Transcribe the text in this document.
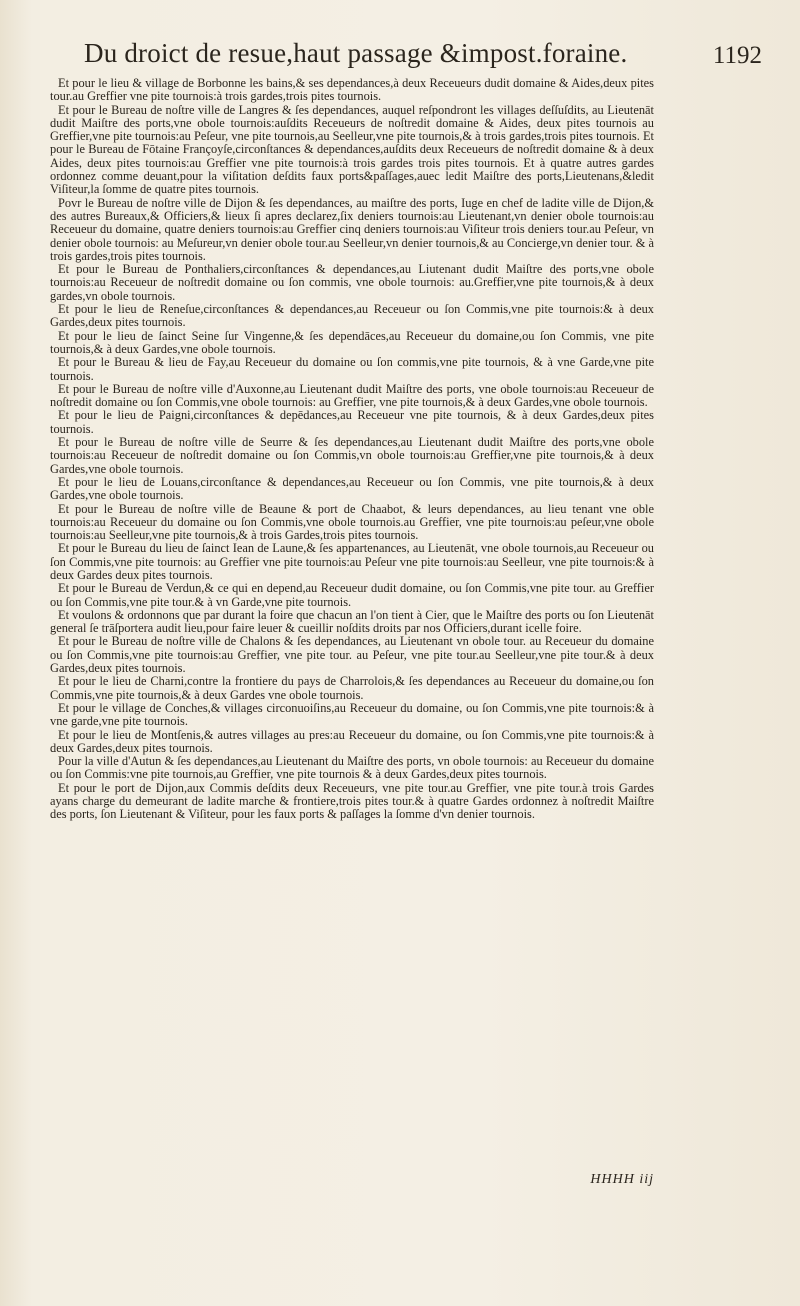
Du droict de resue,haut passage &impost.foraine.	1192

Et pour le lieu & village de Borbonne les bains,& ses dependances,à deux Receueurs dudit domaine & Aides,deux pites tour.au Greffier vne pite tournois:à trois gardes,trois pites tournois.

Et pour le Bureau de noſtre ville de Langres & ſes dependances, auquel reſpondront les villages deſſuſdits, au Lieutenāt dudit Maiſtre des ports,vne obole tournois:auſdits Receueurs de noſtredit domaine & Aides, deux pites tournois au Greffier,vne pite tournois:au Peſeur, vne pite tournois,au Seelleur,vne pite tournois,& à trois gardes,trois pites tournois. Et pour le Bureau de Fōtaine Françoyſe,circonſtances & dependances,auſdits deux Receueurs de noſtredit domaine & à deux Aides, deux pites tournois:au Greffier vne pite tournois:à trois gardes trois pites tournois. Et à quatre autres gardes ordonnez comme deuant,pour la viſitation deſdits faux ports&paſſages,auec ledit Maiſtre des ports,Lieutenans,&ledit Viſiteur,la ſomme de quatre pites tournois.

Povr le Bureau de noſtre ville de Dijon & ſes dependances, au maiſtre des ports, Iuge en chef de ladite ville de Dijon,& des autres Bureaux,& Officiers,& lieux ſi apres declarez,ſix deniers tournois:au Lieutenant,vn denier obole tournois:au Receueur du domaine, quatre deniers tournois:au Greffier cinq deniers tournois:au Viſiteur trois deniers tour.au Peſeur, vn denier obole tournois: au Meſureur,vn denier obole tour.au Seelleur,vn denier tournois,& au Concierge,vn denier tour. & à trois gardes,trois pites tournois.

Et pour le Bureau de Ponthaliers,circonſtances & dependances,au Liutenant dudit Maiſtre des ports,vne obole tournois:au Receueur de noſtredit domaine ou ſon commis, vne obole tournois: au.Greffier,vne pite tournois,& à deux gardes,vn obole tournois.

Et pour le lieu de Reneſue,circonſtances & dependances,au Receueur ou ſon Commis,vne pite tournois:& à deux Gardes,deux pites tournois.

Et pour le lieu de ſainct Seine ſur Vingenne,& ſes dependāces,au Receueur du domaine,ou ſon Commis, vne pite tournois,& à deux Gardes,vne obole tournois.

Et pour le Bureau & lieu de Fay,au Receueur du domaine ou ſon commis,vne pite tournois, & à vne Garde,vne pite tournois.

Et pour le Bureau de noſtre ville d'Auxonne,au Lieutenant dudit Maiſtre des ports, vne obole tournois:au Receueur de noſtredit domaine ou ſon Commis,vne obole tournois: au Greffier, vne pite tournois,& à deux Gardes,vne obole tournois.

Et pour le lieu de Paigni,circonſtances & depēdances,au Receueur vne pite tournois, & à deux Gardes,deux pites tournois.

Et pour le Bureau de noſtre ville de Seurre & ſes dependances,au Lieutenant dudit Maiſtre des ports,vne obole tournois:au Receueur de noſtredit domaine ou ſon Commis,vn obole tournois:au Greffier,vne pite tournois,& à deux Gardes,vne obole tournois.

Et pour le lieu de Louans,circonſtance & dependances,au Receueur ou ſon Commis, vne pite tournois,& à deux Gardes,vne obole tournois.

Et pour le Bureau de noſtre ville de Beaune & port de Chaabot, & leurs dependances, au lieu tenant vne oble tournois:au Receueur du domaine ou ſon Commis,vne obole tournois.au Greffier, vne pite tournois:au peſeur,vne obole tournois:au Seelleur,vne pite tournois,& à trois Gardes,trois pites tournois.

Et pour le Bureau du lieu de ſainct Iean de Laune,& ſes appartenances, au Lieutenāt, vne obole tournois,au Receueur ou ſon Commis,vne pite tournois: au Greffier vne pite tournois:au Peſeur vne pite tournois:au Seelleur, vne pite tournois:& à deux Gardes deux pites tournois.

Et pour le Bureau de Verdun,& ce qui en depend,au Receueur dudit domaine, ou ſon Commis,vne pite tour. au Greffier ou ſon Commis,vne pite tour.& à vn Garde,vne pite tournois.

Et voulons & ordonnons que par durant la foire que chacun an l'on tient à Cier, que le Maiſtre des ports ou ſon Lieutenāt general ſe trāſportera audit lieu,pour faire leuer & cueillir noſdits droits par nos Officiers,durant icelle foire.

Et pour le Bureau de noſtre ville de Chalons & ſes dependances, au Lieutenant vn obole tour. au Receueur du domaine ou ſon Commis,vne pite tournois:au Greffier, vne pite tour. au Peſeur, vne pite tour.au Seelleur,vne pite tour.& à deux Gardes,deux pites tournois.

Et pour le lieu de Charni,contre la frontiere du pays de Charrolois,& ſes dependances au Receueur du domaine,ou ſon Commis,vne pite tournois,& à deux Gardes vne obole tournois.

Et pour le village de Conches,& villages circonuoiſins,au Receueur du domaine, ou ſon Commis,vne pite tournois:& à vne garde,vne pite tournois.

Et pour le lieu de Montſenis,& autres villages au pres:au Receueur du domaine, ou ſon Commis,vne pite tournois:& à deux Gardes,deux pites tournois.

Pour la ville d'Autun & ſes dependances,au Lieutenant du Maiſtre des ports, vn obole tournois: au Receueur du domaine ou ſon Commis:vne pite tournois,au Greffier, vne pite tournois & à deux Gardes,deux pites tournois.

Et pour le port de Dijon,aux Commis deſdits deux Receueurs, vne pite tour.au Greffier, vne pite tour.à trois Gardes ayans charge du demeurant de ladite marche & frontiere,trois pites tour.& à quatre Gardes ordonnez à noſtredit Maiſtre des ports, ſon Lieutenant & Viſiteur, pour les faux ports & paſſages la ſomme d'vn denier tournois.

HHHH iij
